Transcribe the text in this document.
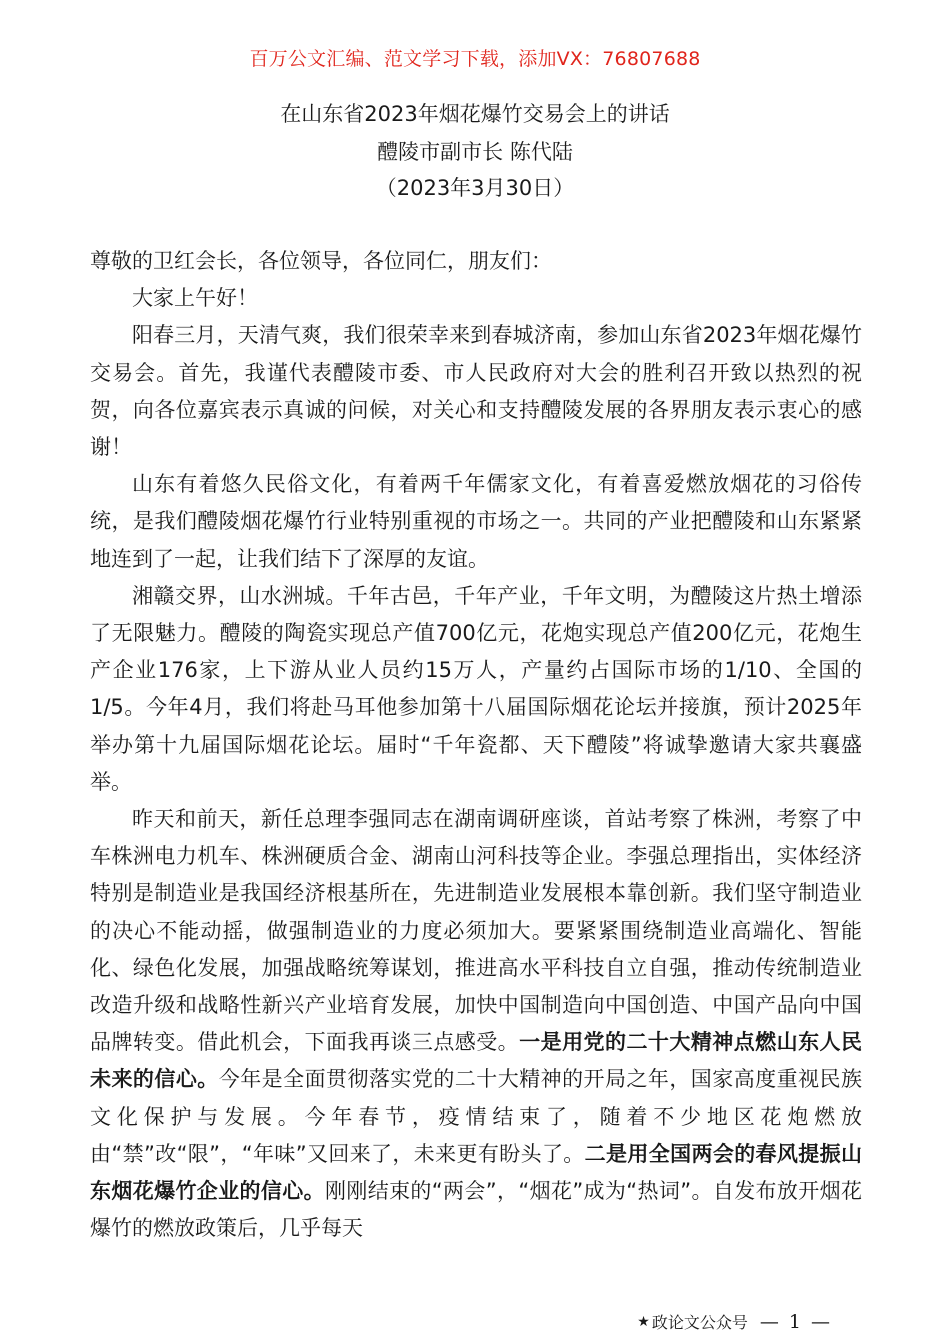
百万公文汇编、范文学习下载，添加VX：76807688
在山东省2023年烟花爆竹交易会上的讲话
醴陵市副市长 陈代陆
（2023年3月30日）

尊敬的卫红会长，各位领导，各位同仁，朋友们：

大家上午好！

阳春三月，天清气爽，我们很荣幸来到春城济南，参加山东省2023年烟花爆竹交易会。首先，我谨代表醴陵市委、市人民政府对大会的胜利召开致以热烈的祝贺，向各位嘉宾表示真诚的问候，对关心和支持醴陵发展的各界朋友表示衷心的感谢！

山东有着悠久民俗文化，有着两千年儒家文化，有着喜爱燃放烟花的习俗传统，是我们醴陵烟花爆竹行业特别重视的市场之一。共同的产业把醴陵和山东紧紧地连到了一起，让我们结下了深厚的友谊。

湘赣交界，山水洲城。千年古邑，千年产业，千年文明，为醴陵这片热土增添了无限魅力。醴陵的陶瓷实现总产值700亿元，花炮实现总产值200亿元，花炮生产企业176家，上下游从业人员约15万人，产量约占国际市场的1/10、全国的1/5。今年4月，我们将赴马耳他参加第十八届国际烟花论坛并接旗，预计2025年举办第十九届国际烟花论坛。届时“千年瓷都、天下醴陵”将诚挚邀请大家共襄盛举。

昨天和前天，新任总理李强同志在湖南调研座谈，首站考察了株洲，考察了中车株洲电力机车、株洲硬质合金、湖南山河科技等企业。李强总理指出，实体经济特别是制造业是我国经济根基所在，先进制造业发展根本靠创新。我们坚守制造业的决心不能动摇，做强制造业的力度必须加大。要紧紧围绕制造业高端化、智能化、绿色化发展，加强战略统筹谋划，推进高水平科技自立自强，推动传统制造业改造升级和战略性新兴产业培育发展，加快中国制造向中国创造、中国产品向中国品牌转变。借此机会，下面我再谈三点感受。一是用党的二十大精神点燃山东人民未来的信心。今年是全面贯彻落实党的二十大精神的开局之年，国家高度重视民族文化保护与发展。今年春节，疫情结束了，随着不少地区花炮燃放由“禁”改“限”，“年味”又回来了，未来更有盼头了。二是用全国两会的春风提振山东烟花爆竹企业的信心。刚刚结束的“两会”，“烟花”成为“热词”。自发布放开烟花爆竹的燃放政策后，几乎每天

★ 政论文公众号 — 1 —
